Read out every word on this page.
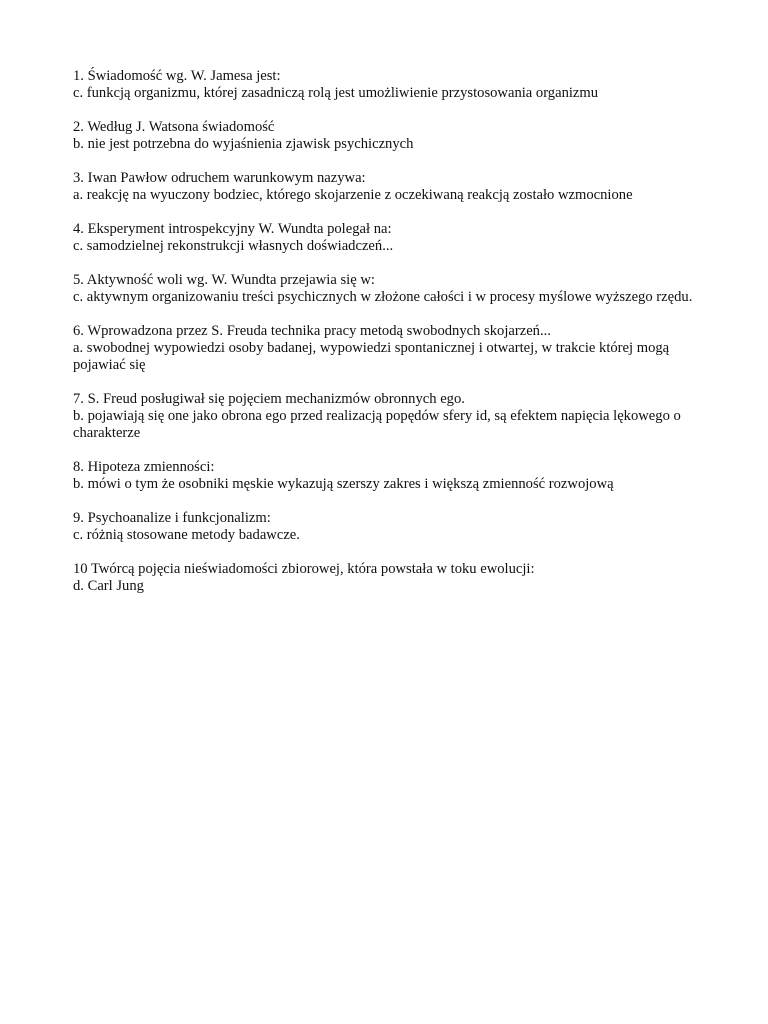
1. Świadomość wg. W. Jamesa jest:
c. funkcją organizmu, której zasadniczą rolą jest umożliwienie przystosowania organizmu
2. Według J. Watsona świadomość
b. nie jest potrzebna do wyjaśnienia zjawisk psychicznych
3. Iwan Pawłow odruchem warunkowym nazywa:
a. reakcję na wyuczony bodziec, którego skojarzenie z oczekiwaną reakcją zostało wzmocnione
4. Eksperyment introspekcyjny W. Wundta polegał na:
c. samodzielnej rekonstrukcji własnych doświadczeń...
5. Aktywność woli wg. W. Wundta przejawia się w:
c. aktywnym organizowaniu treści psychicznych w złożone całości i w procesy myślowe wyższego rzędu.
6. Wprowadzona przez S. Freuda technika pracy metodą swobodnych skojarzeń...
a. swobodnej wypowiedzi osoby badanej, wypowiedzi spontanicznej i otwartej, w trakcie której mogą pojawiać się
7. S. Freud posługiwał się pojęciem mechanizmów obronnych ego.
b. pojawiają się one jako obrona ego przed realizacją popędów sfery id, są efektem napięcia lękowego o charakterze
8. Hipoteza zmienności:
b. mówi o tym że osobniki męskie wykazują szerszy zakres i większą zmienność rozwojową
9. Psychoanalize i funkcjonalizm:
c. różnią stosowane metody badawcze.
10 Twórcą pojęcia nieświadomości zbiorowej, która powstała w toku ewolucji:
d. Carl Jung
